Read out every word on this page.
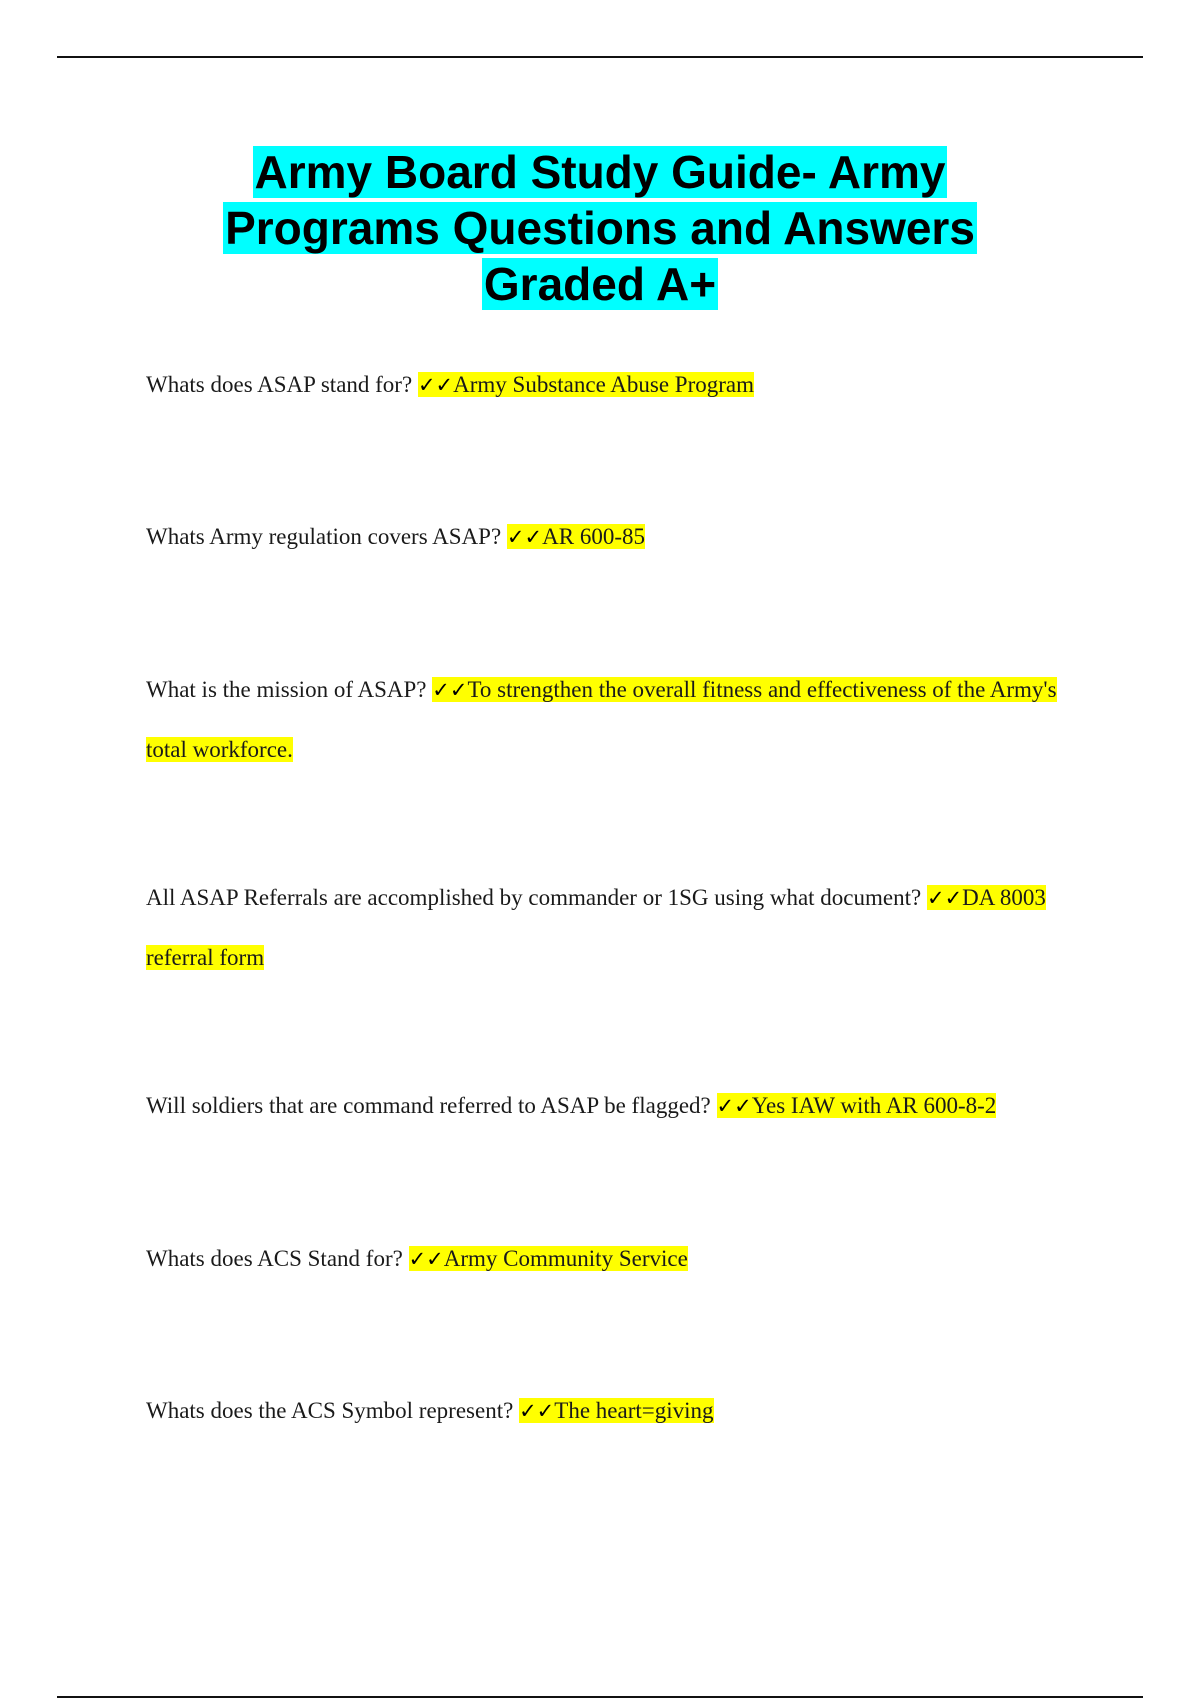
Army Board Study Guide- Army
Programs Questions and Answers
Graded A+

Whats does ASAP stand for? ✓✓Army Substance Abuse Program

Whats Army regulation covers ASAP? ✓✓AR 600-85

What is the mission of ASAP? ✓✓To strengthen the overall fitness and effectiveness of the Army's total workforce.

All ASAP Referrals are accomplished by commander or 1SG using what document? ✓✓DA 8003 referral form

Will soldiers that are command referred to ASAP be flagged? ✓✓Yes IAW with AR 600-8-2

Whats does ACS Stand for? ✓✓Army Community Service

Whats does the ACS Symbol represent? ✓✓The heart=giving
